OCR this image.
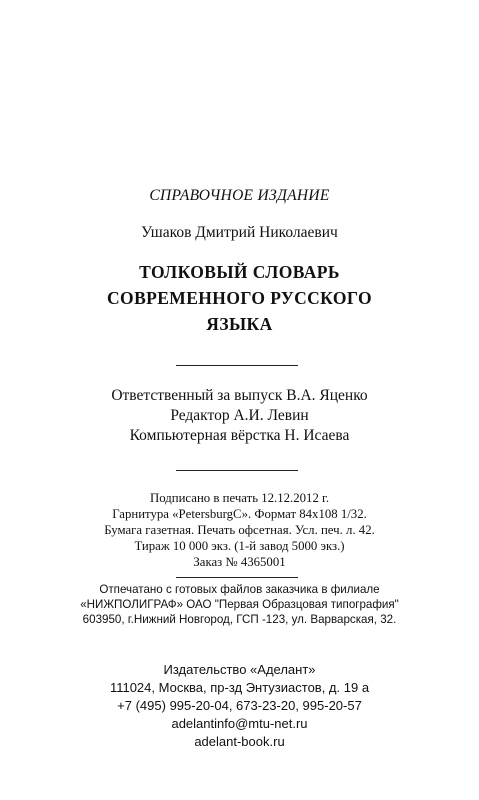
СПРАВОЧНОЕ ИЗДАНИЕ
Ушаков Дмитрий Николаевич
ТОЛКОВЫЙ СЛОВАРЬ
СОВРЕМЕННОГО РУССКОГО
ЯЗЫКА
Ответственный за выпуск В.А. Яценко
Редактор А.И. Левин
Компьютерная вёрстка Н. Исаева
Подписано в печать 12.12.2012 г.
Гарнитура «PetersburgC». Формат 84x108 1/32.
Бумага газетная. Печать офсетная. Усл. печ. л. 42.
Тираж 10 000 экз. (1-й завод 5000 экз.)
Заказ № 4365001
Отпечатано с готовых файлов заказчика в филиале
«НИЖПОЛИГРАФ» ОАО "Первая Образцовая типография"
603950, г.Нижний Новгород, ГСП -123, ул. Варварская, 32.
Издательство «Аделант»
111024, Москва, пр-зд Энтузиастов, д. 19 а
+7 (495) 995-20-04, 673-23-20, 995-20-57
adelantinfo@mtu-net.ru
adelant-book.ru
